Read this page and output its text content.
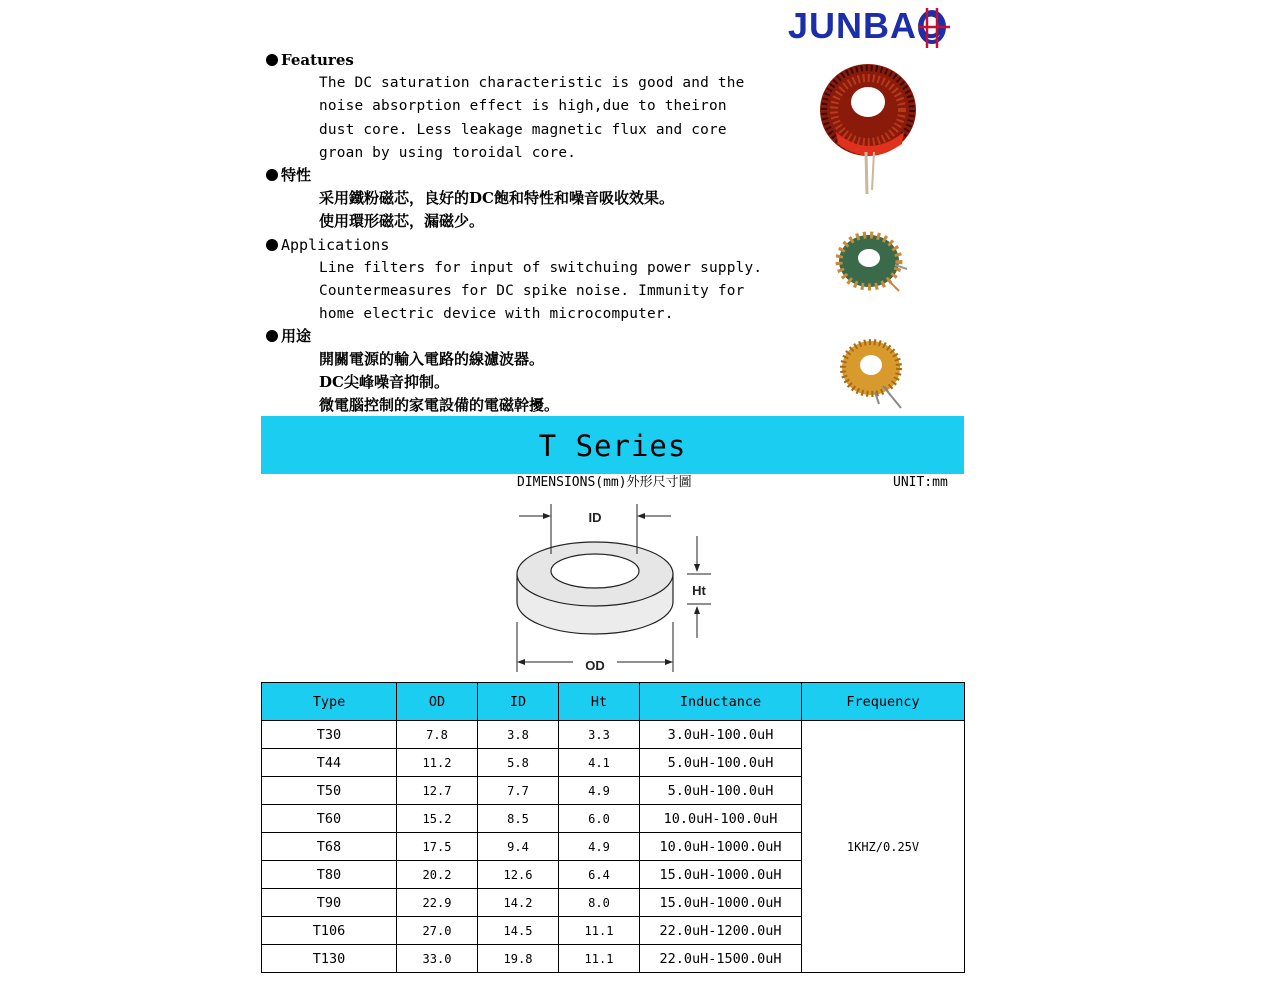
JUNBAO
Features
The DC saturation characteristic is good and the
noise absorption effect is high,due to theiron
dust core. Less leakage magnetic flux and core
groan by using toroidal core.
特性
采用鐵粉磁芯，良好的DC飽和特性和噪音吸收效果。
使用環形磁芯，漏磁少。
Applications
Line filters for input of switchuing power supply.
Countermeasures for DC spike noise. Immunity for
home electric device with microcomputer.
用途
開關電源的輸入電路的線濾波器。
DC尖峰噪音抑制。
微電腦控制的家電設備的電磁幹擾。
T Series
DIMENSIONS(mm)外形尺寸圖	UNIT:mm
ID
Ht
OD
Type	OD	ID	Ht	Inductance	Frequency
T30	7.8	3.8	3.3	3.0uH-100.0uH	1KHZ/0.25V
T44	11.2	5.8	4.1	5.0uH-100.0uH	
T50	12.7	7.7	4.9	5.0uH-100.0uH	
T60	15.2	8.5	6.0	10.0uH-100.0uH	
T68	17.5	9.4	4.9	10.0uH-1000.0uH	
T80	20.2	12.6	6.4	15.0uH-1000.0uH	
T90	22.9	14.2	8.0	15.0uH-1000.0uH	
T106	27.0	14.5	11.1	22.0uH-1200.0uH	
T130	33.0	19.8	11.1	22.0uH-1500.0uH	
